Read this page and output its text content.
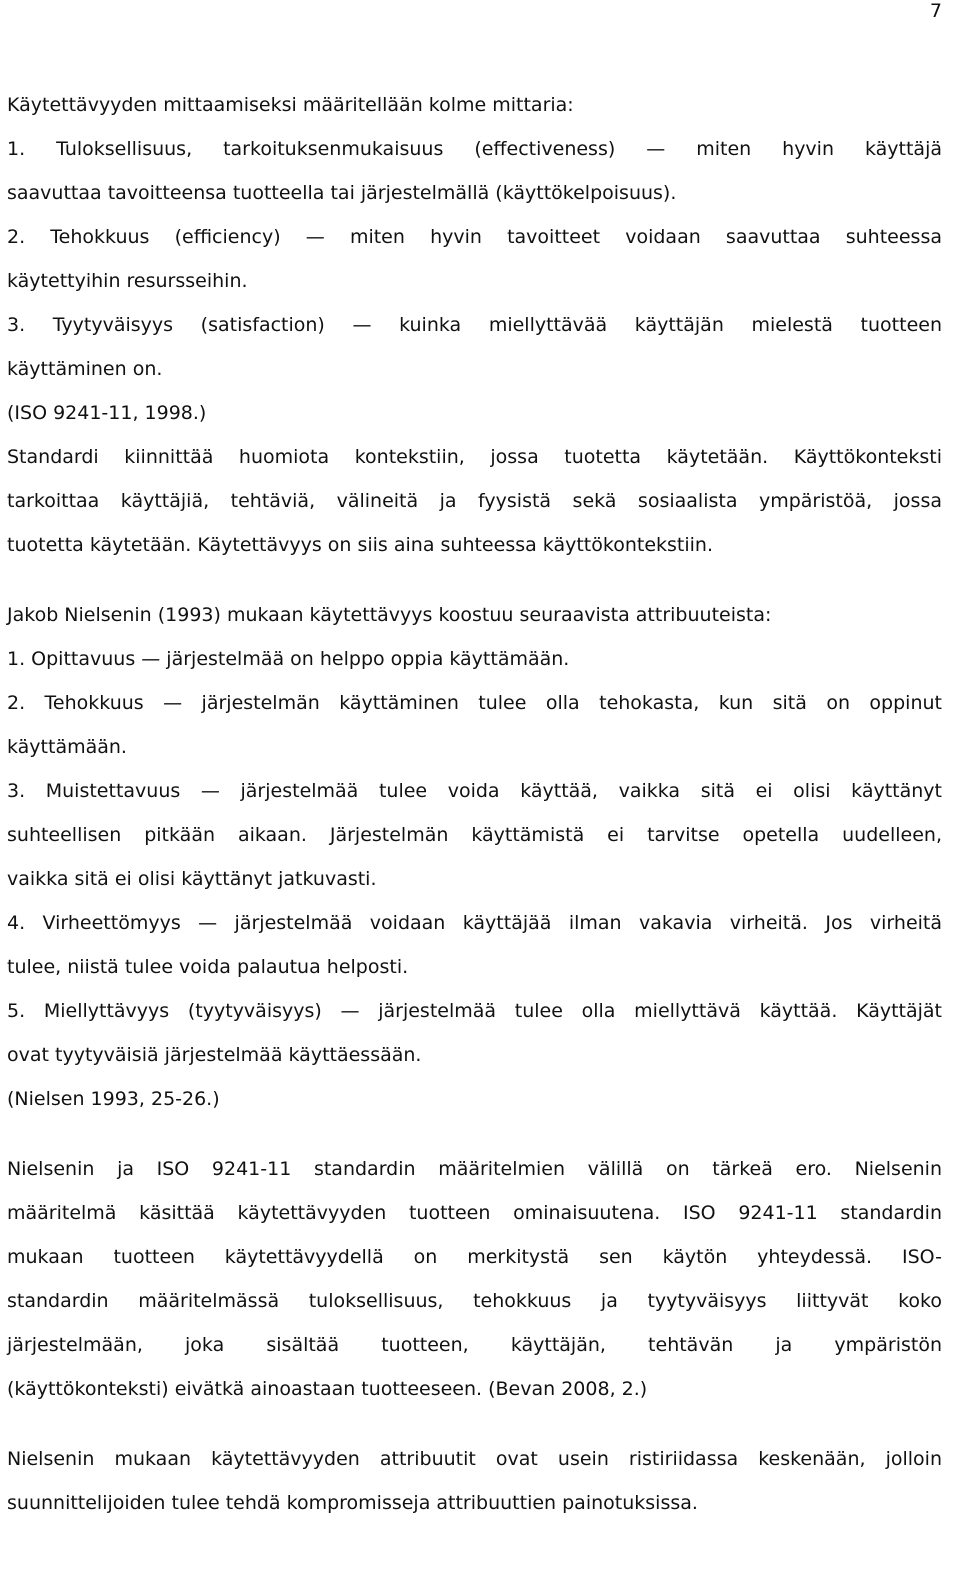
7
Käytettävyyden mittaamiseksi määritellään kolme mittaria:
1. Tuloksellisuus, tarkoituksenmukaisuus (effectiveness) — miten hyvin käyttäjä
saavuttaa tavoitteensa tuotteella tai järjestelmällä (käyttökelpoisuus).
2. Tehokkuus (efficiency) — miten hyvin tavoitteet voidaan saavuttaa suhteessa
käytettyihin resursseihin.
3. Tyytyväisyys (satisfaction) — kuinka miellyttävää käyttäjän mielestä tuotteen
käyttäminen on.
(ISO 9241-11, 1998.)
Standardi kiinnittää huomiota kontekstiin, jossa tuotetta käytetään. Käyttökonteksti
tarkoittaa käyttäjiä, tehtäviä, välineitä ja fyysistä sekä sosiaalista ympäristöä, jossa
tuotetta käytetään. Käytettävyys on siis aina suhteessa käyttökontekstiin.
Jakob Nielsenin (1993) mukaan käytettävyys koostuu seuraavista attribuuteista:
1. Opittavuus — järjestelmää on helppo oppia käyttämään.
2. Tehokkuus — järjestelmän käyttäminen tulee olla tehokasta, kun sitä on oppinut
käyttämään.
3. Muistettavuus — järjestelmää tulee voida käyttää, vaikka sitä ei olisi käyttänyt
suhteellisen pitkään aikaan. Järjestelmän käyttämistä ei tarvitse opetella uudelleen,
vaikka sitä ei olisi käyttänyt jatkuvasti.
4. Virheettömyys — järjestelmää voidaan käyttäjää ilman vakavia virheitä. Jos virheitä
tulee, niistä tulee voida palautua helposti.
5. Miellyttävyys (tyytyväisyys) — järjestelmää tulee olla miellyttävä käyttää. Käyttäjät
ovat tyytyväisiä järjestelmää käyttäessään.
(Nielsen 1993, 25-26.)
Nielsenin ja ISO 9241-11 standardin määritelmien välillä on tärkeä ero. Nielsenin
määritelmä käsittää käytettävyyden tuotteen ominaisuutena. ISO 9241-11 standardin
mukaan tuotteen käytettävyydellä on merkitystä sen käytön yhteydessä. ISO-
standardin määritelmässä tuloksellisuus, tehokkuus ja tyytyväisyys liittyvät koko
järjestelmään, joka sisältää tuotteen, käyttäjän, tehtävän ja ympäristön
(käyttökonteksti) eivätkä ainoastaan tuotteeseen. (Bevan 2008, 2.)
Nielsenin mukaan käytettävyyden attribuutit ovat usein ristiriidassa keskenään, jolloin
suunnittelijoiden tulee tehdä kompromisseja attribuuttien painotuksissa.
